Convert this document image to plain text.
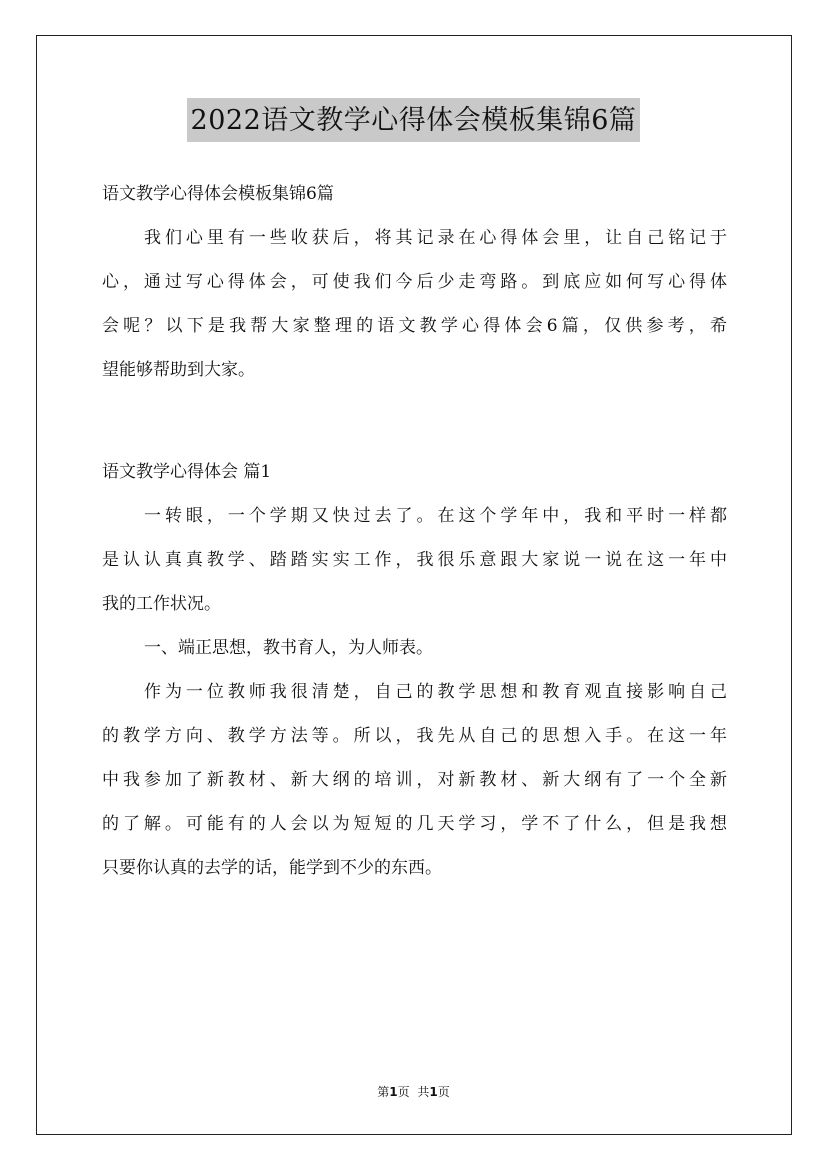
2022语文教学心得体会模板集锦6篇
语文教学心得体会模板集锦6篇
我们心里有一些收获后，将其记录在心得体会里，让自己铭记于
心，通过写心得体会，可使我们今后少走弯路。到底应如何写心得体
会呢？以下是我帮大家整理的语文教学心得体会6篇，仅供参考，希
望能够帮助到大家。
语文教学心得体会 篇1
一转眼，一个学期又快过去了。在这个学年中，我和平时一样都
是认认真真教学、踏踏实实工作，我很乐意跟大家说一说在这一年中
我的工作状况。
一、端正思想，教书育人，为人师表。
作为一位教师我很清楚，自己的教学思想和教育观直接影响自己
的教学方向、教学方法等。所以，我先从自己的思想入手。在这一年
中我参加了新教材、新大纲的培训，对新教材、新大纲有了一个全新
的了解。可能有的人会以为短短的几天学习，学不了什么，但是我想
只要你认真的去学的话，能学到不少的东西。
第1页 共1页
